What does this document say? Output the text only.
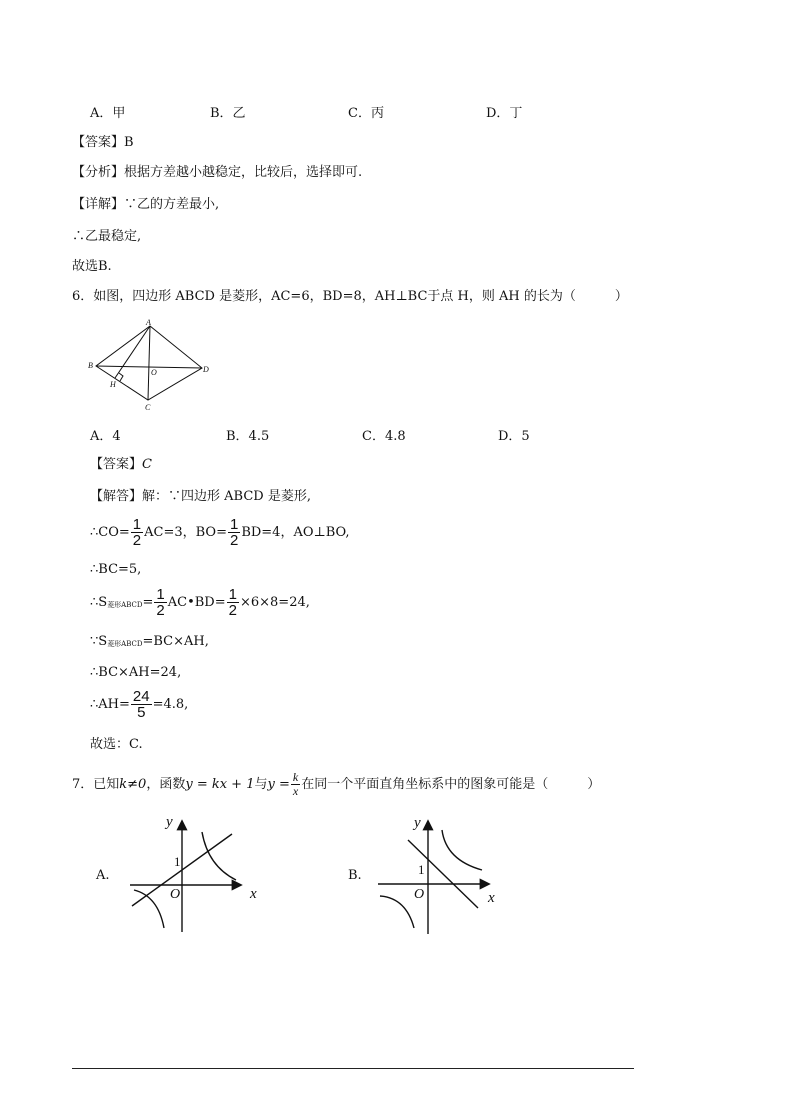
A．甲	B．乙	C．丙	D．丁
【答案】B
【分析】根据方差越小越稳定，比较后，选择即可.
【详解】∵乙的方差最小,
∴乙最稳定,
故选B.
6．如图，四边形 ABCD 是菱形，AC=6，BD=8，AH⊥BC于点 H，则 AH 的长为（　　　）
A
B
C
D
O
H
A．4	B．4.5	C．4.8	D．5
【答案】C
【解答】解：∵四边形 ABCD 是菱形,
∴CO= $\frac{1}{2} AC=3$，$BO= \frac{1}{2} BD=4$，AO⊥BO,
∴BC=5,
∴S菱形ABCD= $\frac{1}{2}$ AC•BD= $\frac{1}{2} \times 6\times 8=24$,
∵S菱形ABCD=BC×AH,
∴BC×AH=24,
∴AH= $\frac{24}{5} =4.8$,
故选：C.
7．已知k≠0，函数y = kx + 1与$y = \frac{k}{x}$ 在同一个平面直角坐标系中的图象可能是（　　　）
A.
y
x
O
1
B.
y
x
O
1
